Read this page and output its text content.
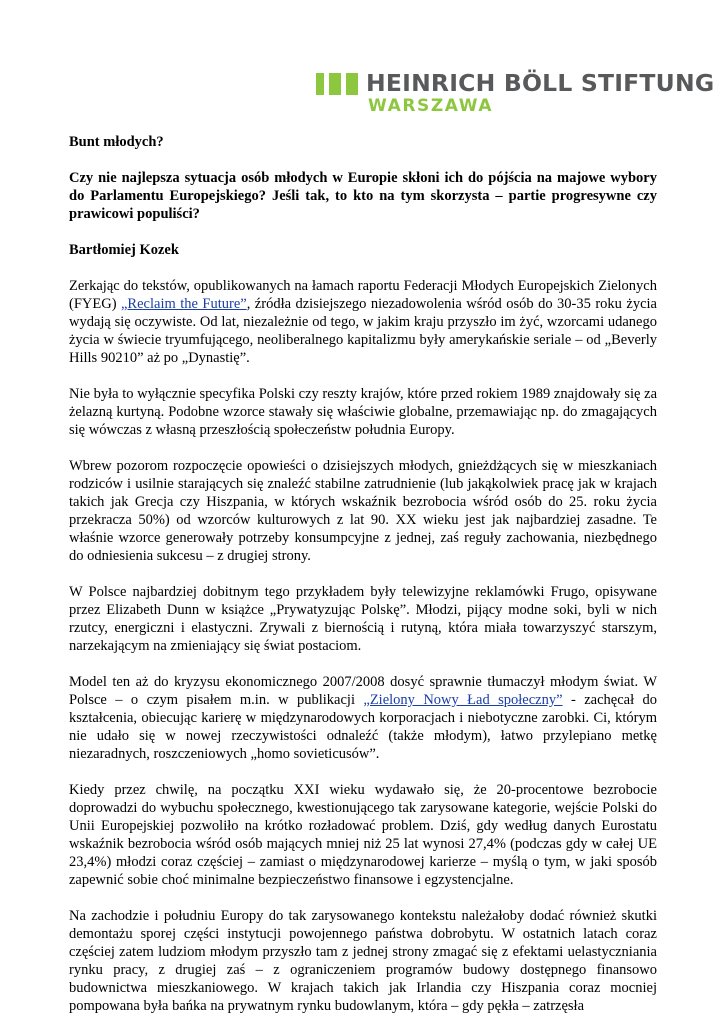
HEINRICH BÖLL STIFTUNG
WARSZAWA

Bunt młodych?

Czy nie najlepsza sytuacja osób młodych w Europie skłoni ich do pójścia na majowe wybory do Parlamentu Europejskiego? Jeśli tak, to kto na tym skorzysta – partie progresywne czy prawicowi populiści?

Bartłomiej Kozek

Zerkając do tekstów, opublikowanych na łamach raportu Federacji Młodych Europejskich Zielonych (FYEG) „Reclaim the Future”, źródła dzisiejszego niezadowolenia wśród osób do 30-35 roku życia wydają się oczywiste. Od lat, niezależnie od tego, w jakim kraju przyszło im żyć, wzorcami udanego życia w świecie tryumfującego, neoliberalnego kapitalizmu były amerykańskie seriale – od „Beverly Hills 90210” aż po „Dynastię”.

Nie była to wyłącznie specyfika Polski czy reszty krajów, które przed rokiem 1989 znajdowały się za żelazną kurtyną. Podobne wzorce stawały się właściwie globalne, przemawiając np. do zmagających się wówczas z własną przeszłością społeczeństw południa Europy.

Wbrew pozorom rozpoczęcie opowieści o dzisiejszych młodych, gnieżdżących się w mieszkaniach rodziców i usilnie starających się znaleźć stabilne zatrudnienie (lub jakąkolwiek pracę jak w krajach takich jak Grecja czy Hiszpania, w których wskaźnik bezrobocia wśród osób do 25. roku życia przekracza 50%) od wzorców kulturowych z lat 90. XX wieku jest jak najbardziej zasadne. Te właśnie wzorce generowały potrzeby konsumpcyjne z jednej, zaś reguły zachowania, niezbędnego do odniesienia sukcesu – z drugiej strony.

W Polsce najbardziej dobitnym tego przykładem były telewizyjne reklamówki Frugo, opisywane przez Elizabeth Dunn w książce „Prywatyzując Polskę”. Młodzi, pijący modne soki, byli w nich rzutcy, energiczni i elastyczni. Zrywali z biernością i rutyną, która miała towarzyszyć starszym, narzekającym na zmieniający się świat postaciom.

Model ten aż do kryzysu ekonomicznego 2007/2008 dosyć sprawnie tłumaczył młodym świat. W Polsce – o czym pisałem m.in. w publikacji „Zielony Nowy Ład społeczny” - zachęcał do kształcenia, obiecując karierę w międzynarodowych korporacjach i niebotyczne zarobki. Ci, którym nie udało się w nowej rzeczywistości odnaleźć (także młodym), łatwo przylepiano metkę niezaradnych, roszczeniowych „homo sovieticusów”.

Kiedy przez chwilę, na początku XXI wieku wydawało się, że 20-procentowe bezrobocie doprowadzi do wybuchu społecznego, kwestionującego tak zarysowane kategorie, wejście Polski do Unii Europejskiej pozwoliło na krótko rozładować problem. Dziś, gdy według danych Eurostatu wskaźnik bezrobocia wśród osób mających mniej niż 25 lat wynosi 27,4% (podczas gdy w całej UE 23,4%) młodzi coraz częściej – zamiast o międzynarodowej karierze – myślą o tym, w jaki sposób zapewnić sobie choć minimalne bezpieczeństwo finansowe i egzystencjalne.

Na zachodzie i południu Europy do tak zarysowanego kontekstu należałoby dodać również skutki demontażu sporej części instytucji powojennego państwa dobrobytu. W ostatnich latach coraz częściej zatem ludziom młodym przyszło tam z jednej strony zmagać się z efektami uelastyczniania rynku pracy, z drugiej zaś – z ograniczeniem programów budowy dostępnego finansowo budownictwa mieszkaniowego. W krajach takich jak Irlandia czy Hiszpania coraz mocniej pompowana była bańka na prywatnym rynku budowlanym, która – gdy pękła – zatrzęsła
